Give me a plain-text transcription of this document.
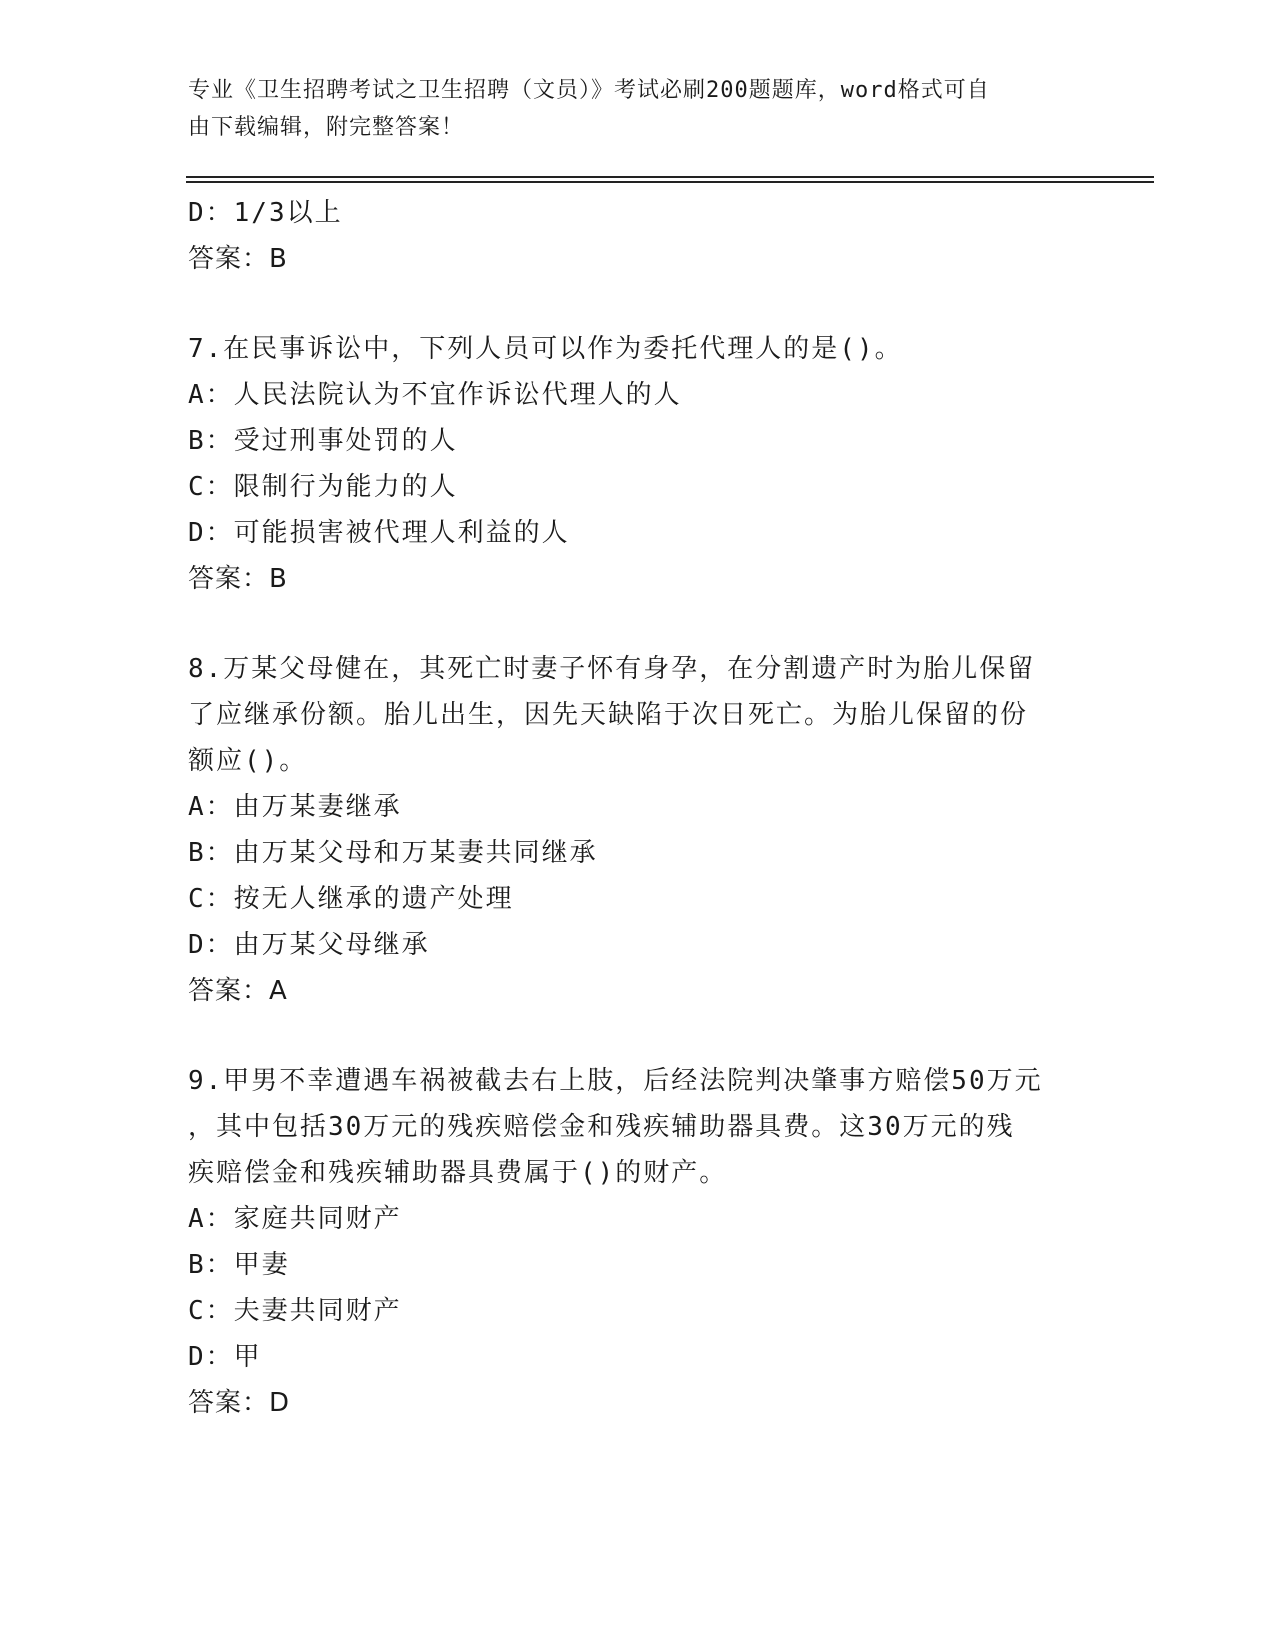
专业《卫生招聘考试之卫生招聘（文员）》考试必刷200题题库，word格式可自
由下载编辑，附完整答案！
D：1/3以上
答案：B
7.在民事诉讼中，下列人员可以作为委托代理人的是()。
A：人民法院认为不宜作诉讼代理人的人
B：受过刑事处罚的人
C：限制行为能力的人
D：可能损害被代理人利益的人
答案：B
8.万某父母健在，其死亡时妻子怀有身孕，在分割遗产时为胎儿保留
了应继承份额。胎儿出生，因先天缺陷于次日死亡。为胎儿保留的份
额应()。
A：由万某妻继承
B：由万某父母和万某妻共同继承
C：按无人继承的遗产处理
D：由万某父母继承
答案：A
9.甲男不幸遭遇车祸被截去右上肢，后经法院判决肇事方赔偿50万元
，其中包括30万元的残疾赔偿金和残疾辅助器具费。这30万元的残
疾赔偿金和残疾辅助器具费属于()的财产。
A：家庭共同财产
B：甲妻
C：夫妻共同财产
D：甲
答案：D
